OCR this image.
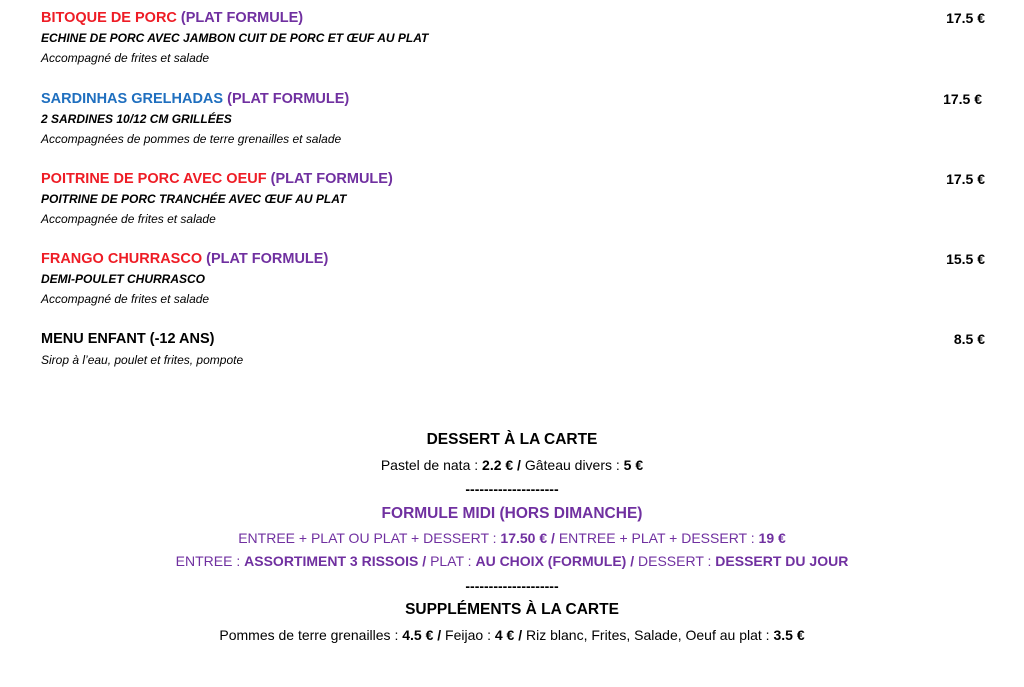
BITOQUE DE PORC (PLAT FORMULE)	17.5 €
ECHINE DE PORC AVEC JAMBON CUIT DE PORC ET ŒUF AU PLAT
Accompagné de frites et salade
SARDINHAS GRELHADAS (PLAT FORMULE)	17.5 €
2 SARDINES 10/12 CM GRILLÉES
Accompagnées de pommes de terre grenailles et salade
POITRINE DE PORC AVEC OEUF (PLAT FORMULE)	17.5 €
POITRINE DE PORC TRANCHÉE AVEC ŒUF AU PLAT
Accompagnée de frites et salade
FRANGO CHURRASCO (PLAT FORMULE)	15.5 €
DEMI-POULET CHURRASCO
Accompagné de frites et salade
MENU ENFANT (-12 ANS)	8.5 €
Sirop à l’eau, poulet et frites, pompote
DESSERT À LA CARTE
Pastel de nata : 2.2 € / Gâteau divers : 5 €
--------------------
FORMULE MIDI (HORS DIMANCHE)
ENTREE + PLAT OU PLAT + DESSERT : 17.50 € / ENTREE + PLAT + DESSERT : 19 €
ENTREE : ASSORTIMENT 3 RISSOIS / PLAT : AU CHOIX (FORMULE) / DESSERT : DESSERT DU JOUR
--------------------
SUPPLÉMENTS À LA CARTE
Pommes de terre grenailles : 4.5 € / Feijao : 4 € / Riz blanc, Frites, Salade, Oeuf au plat : 3.5 €
